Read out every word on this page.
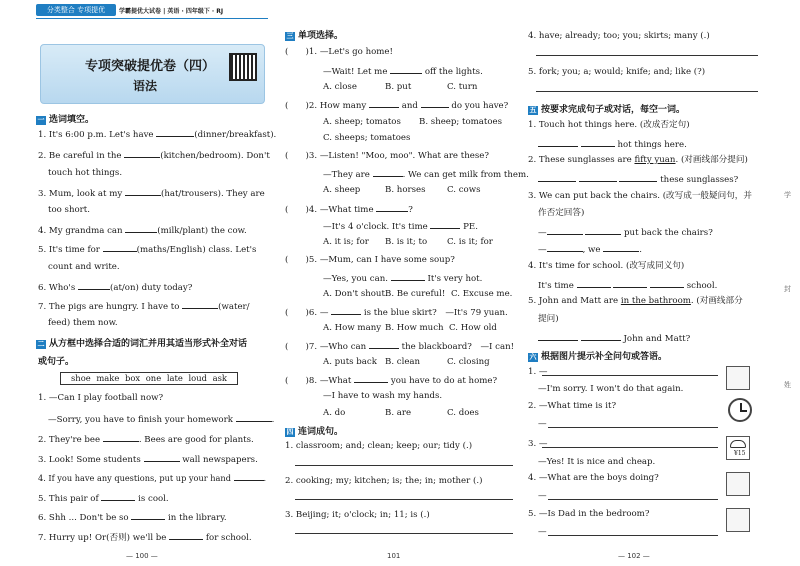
分类整合 专项提优	学霸提优大试卷 | 英语 · 四年级下 · RJ
专项突破提优卷（四）
语法
一 选词填空。
1. It's 6:00 p.m. Let's have	(dinner/breakfast).
2. Be careful in the	(kitchen/bedroom). Don't
touch hot things.
3. Mum, look at my	(hat/trousers). They are
too short.
4. My grandma can	(milk/plant) the cow.
5. It's time for	(maths/English) class. Let's
count and write.
6. Who's	(at/on) duty today?
7. The pigs are hungry. I have to	(water/
feed) them now.
二 从方框中选择合适的词汇并用其适当形式补全对话
或句子。
shoe make box one late loud ask
1. —Can I play football now?
—Sorry, you have to finish your homework	.
2. They're bee	. Bees are good for plants.
3. Look! Some students	wall newspapers.
4. If you have any questions, put up your hand	.
5. This pair of	is cool.
6. Shh ... Don't be so	in the library.
7. Hurry up! Or(否则) we'll be	for school.
— 100 —
三 单项选择。
(　　)1. —Let's go home!
—Wait! Let me	off the lights.
A. close	B. put	C. turn
(　　)2. How many	and	do you have?
A. sheep; tomatos B. sheep; tomatoes
C. sheeps; tomatoes
(　　)3. —Listen! "Moo, moo". What are these?
—They are	. We can get milk from them.
A. sheep	B. horses C. cows
(　　)4. —What time	?
—It's 4 o'clock. It's time	PE.
A. it is; for B. is it; to C. is it; for
(　　)5. —Mum, can I have some soup?
—Yes, you can.	It's very hot.
A. Don't shout.B. Be cureful! C. Excuse me.
(　　)6. —	is the blue skirt?　—It's 79 yuan.
A. How many B. How much C. How old
(　　)7. —Who can	the blackboard?　—I can!
A. puts back B. clean	C. closing
(　　)8. —What	you have to do at home?
—I have to wash my hands.
A. do	B. are	C. does
四 连词成句。
1. classroom; and; clean; keep; our; tidy (.)
2. cooking; my; kitchen; is; the; in; mother (.)
3. Beijing; it; o'clock; in; 11; is (.)
101
4. have; already; too; you; skirts; many (.)
5. fork; you; a; would; knife; and; like (?)
五 按要求完成句子或对话，每空一词。
1. Touch hot things here. (改成否定句)
hot things here.
2. These sunglasses are fifty yuan. (对画线部分提问)
these sunglasses?
3. We can put back the chairs. (改写成一般疑问句，并
作否定回答)
—	put back the chairs?
—	, we	.
4. It's time for school. (改写成同义句)
It's time	school.
5. John and Matt are in the bathroom. (对画线部分
提问)
John and Matt?
六 根据图片提示补全问句或答语。
1. —
—I'm sorry. I won't do that again.
2. —What time is it?
—
3. —
—Yes! It is nice and cheap.
¥15
4. —What are the boys doing?
—
5. —Is Dad in the bedroom?
—
— 102 —
学
封
姓
